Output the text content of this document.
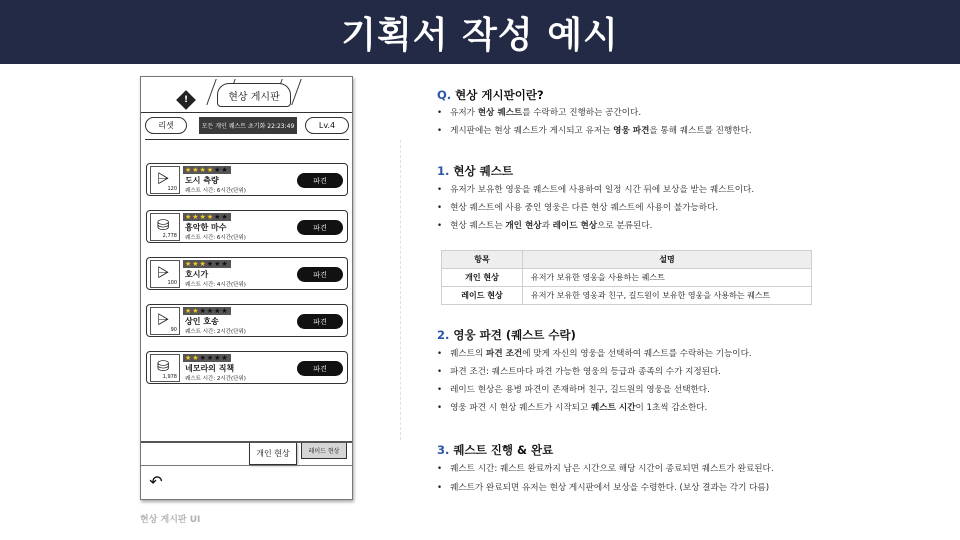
기획서 작성 예시
현상 게시판
!
리셋	모든 개인 퀘스트 초기화 22:23:49	Lv.4
⩥
120
★★★★★★
도시 측량
퀘스트 시간: 6시간(단위)
파견
⛁
2,778
★★★★★★
흉악한 마수
퀘스트 시간: 6시간(단위)
파견
⩥
100
★★★★★★
호시가
퀘스트 시간: 4시간(단위)
파견
⩥
90
★★★★★★
상인 호송
퀘스트 시간: 2시간(단위)
파견
⛁
1,978
★★★★★★
네모라의 직책
퀘스트 시간: 2시간(단위)
파견
개인 현상	레이드 현상
↶
현상 게시판 UI
Q. 현상 게시판이란?
• 유저가 현상 퀘스트를 수락하고 진행하는 공간이다.
• 게시판에는 현상 퀘스트가 게시되고 유저는 영웅 파견을 통해 퀘스트를 진행한다.
1. 현상 퀘스트
• 유저가 보유한 영웅을 퀘스트에 사용하여 일정 시간 뒤에 보상을 받는 퀘스트이다.
• 현상 퀘스트에 사용 중인 영웅은 다른 현상 퀘스트에 사용이 불가능하다.
• 현상 퀘스트는 개인 현상과 레이드 현상으로 분류된다.
항목	설명
개인 현상	유저가 보유한 영웅을 사용하는 퀘스트
레이드 현상	유저가 보유한 영웅과 친구, 길드원이 보유한 영웅을 사용하는 퀘스트
2. 영웅 파견 (퀘스트 수락)
• 퀘스트의 파견 조건에 맞게 자신의 영웅을 선택하여 퀘스트를 수락하는 기능이다.
• 파견 조건: 퀘스트마다 파견 가능한 영웅의 등급과 종족의 수가 지정된다.
• 레이드 현상은 용병 파견이 존재하며 친구, 길드원의 영웅을 선택한다.
• 영웅 파견 시 현상 퀘스트가 시작되고 퀘스트 시간이 1초씩 감소한다.
3. 퀘스트 진행 & 완료
• 퀘스트 시간: 퀘스트 완료까지 남은 시간으로 해당 시간이 종료되면 퀘스트가 완료된다.
• 퀘스트가 완료되면 유저는 현상 게시판에서 보상을 수령한다. (보상 결과는 각기 다름)
